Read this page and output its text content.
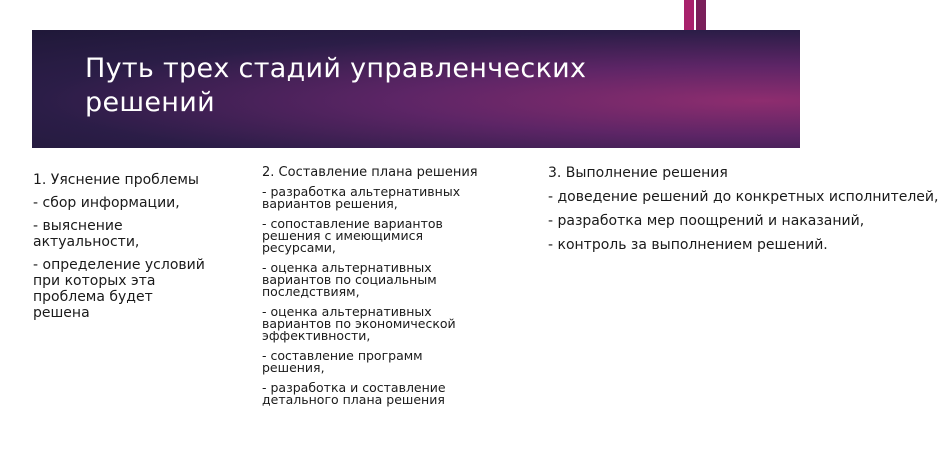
Путь трех стадий управленческих решений

1. Уяснение проблемы

- сбор информации,

- выяснение
актуальности,

- определение условий
при которых эта
проблема будет
решена

2. Составление плана решения

- разработка альтернативных
вариантов решения,

- сопоставление вариантов
решения с имеющимися
ресурсами,

- оценка альтернативных
вариантов по социальным
последствиям,

- оценка альтернативных
вариантов по экономической
эффективности,

- составление программ
решения,

- разработка и составление
детального плана решения

3. Выполнение решения

- доведение решений до конкретных исполнителей,

- разработка мер поощрений и наказаний,

- контроль за выполнением решений.
